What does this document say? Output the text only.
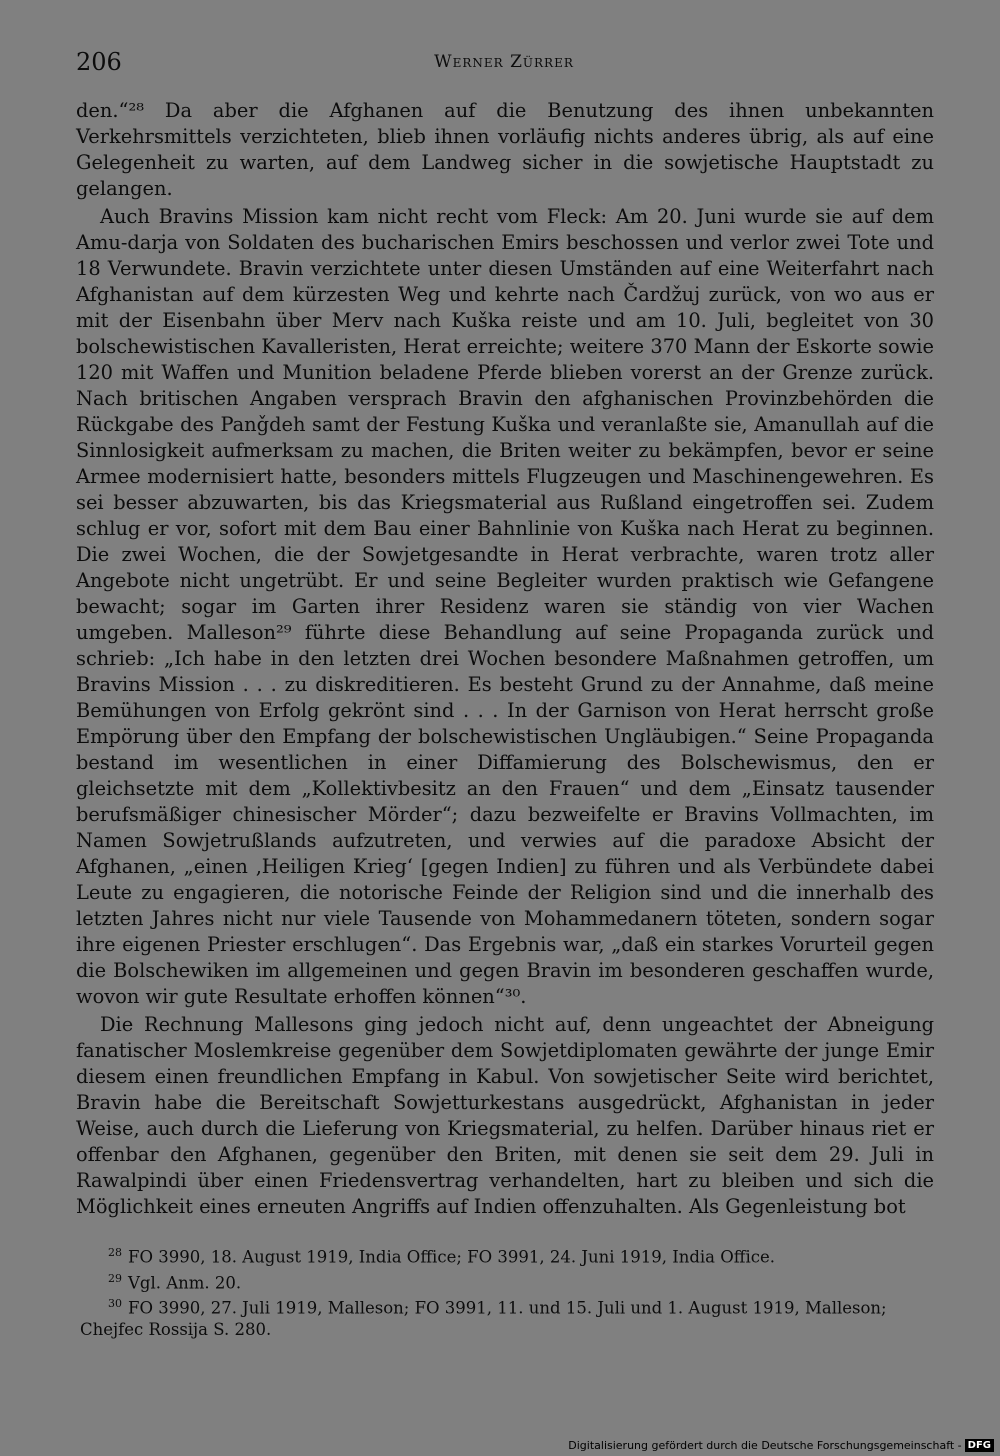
206	Werner Zürrer

den.“²⁸ Da aber die Afghanen auf die Benutzung des ihnen unbekannten Verkehrsmittels verzichteten, blieb ihnen vorläufig nichts anderes übrig, als auf eine Gelegenheit zu warten, auf dem Landweg sicher in die sowjetische Hauptstadt zu gelangen.

Auch Bravins Mission kam nicht recht vom Fleck: Am 20. Juni wurde sie auf dem Amu-darja von Soldaten des bucharischen Emirs beschossen und verlor zwei Tote und 18 Verwundete. Bravin verzichtete unter diesen Umständen auf eine Weiterfahrt nach Afghanistan auf dem kürzesten Weg und kehrte nach Čardžuj zurück, von wo aus er mit der Eisenbahn über Merv nach Kuška reiste und am 10. Juli, begleitet von 30 bolschewistischen Kavalleristen, Herat erreichte; weitere 370 Mann der Eskorte sowie 120 mit Waffen und Munition beladene Pferde blieben vorerst an der Grenze zurück. Nach britischen Angaben versprach Bravin den afghanischen Provinzbehörden die Rückgabe des Panǧdeh samt der Festung Kuška und veranlaßte sie, Amanullah auf die Sinnlosigkeit aufmerksam zu machen, die Briten weiter zu bekämpfen, bevor er seine Armee modernisiert hatte, besonders mittels Flugzeugen und Maschinengewehren. Es sei besser abzuwarten, bis das Kriegsmaterial aus Rußland eingetroffen sei. Zudem schlug er vor, sofort mit dem Bau einer Bahnlinie von Kuška nach Herat zu beginnen. Die zwei Wochen, die der Sowjetgesandte in Herat verbrachte, waren trotz aller Angebote nicht ungetrübt. Er und seine Begleiter wurden praktisch wie Gefangene bewacht; sogar im Garten ihrer Residenz waren sie ständig von vier Wachen umgeben. Malleson²⁹ führte diese Behandlung auf seine Propaganda zurück und schrieb: „Ich habe in den letzten drei Wochen besondere Maßnahmen getroffen, um Bravins Mission . . . zu diskreditieren. Es besteht Grund zu der Annahme, daß meine Bemühungen von Erfolg gekrönt sind . . . In der Garnison von Herat herrscht große Empörung über den Empfang der bolschewistischen Ungläubigen.“ Seine Propaganda bestand im wesentlichen in einer Diffamierung des Bolschewismus, den er gleichsetzte mit dem „Kollektivbesitz an den Frauen“ und dem „Einsatz tausender berufsmäßiger chinesischer Mörder“; dazu bezweifelte er Bravins Vollmachten, im Namen Sowjetrußlands aufzutreten, und verwies auf die paradoxe Absicht der Afghanen, „einen ‚Heiligen Krieg‘ [gegen Indien] zu führen und als Verbündete dabei Leute zu engagieren, die notorische Feinde der Religion sind und die innerhalb des letzten Jahres nicht nur viele Tausende von Mohammedanern töteten, sondern sogar ihre eigenen Priester erschlugen“. Das Ergebnis war, „daß ein starkes Vorurteil gegen die Bolschewiken im allgemeinen und gegen Bravin im besonderen geschaffen wurde, wovon wir gute Resultate erhoffen können“³⁰.

Die Rechnung Mallesons ging jedoch nicht auf, denn ungeachtet der Abneigung fanatischer Moslemkreise gegenüber dem Sowjetdiplomaten gewährte der junge Emir diesem einen freundlichen Empfang in Kabul. Von sowjetischer Seite wird berichtet, Bravin habe die Bereitschaft Sowjetturkestans ausgedrückt, Afghanistan in jeder Weise, auch durch die Lieferung von Kriegsmaterial, zu helfen. Darüber hinaus riet er offenbar den Afghanen, gegenüber den Briten, mit denen sie seit dem 29. Juli in Rawalpindi über einen Friedensvertrag verhandelten, hart zu bleiben und sich die Möglichkeit eines erneuten Angriffs auf Indien offenzuhalten. Als Gegenleistung bot

$^{28}$ FO 3990, 18. August 1919, India Office; FO 3991, 24. Juni 1919, India Office.

$^{29}$ Vgl. Anm. 20.

$^{30}$ FO 3990, 27. Juli 1919, Malleson; FO 3991, 11. und 15. Juli und 1. August 1919, Malleson; Chejfec Rossija S. 280.

Digitalisierung gefördert durch die Deutsche Forschungsgemeinschaft - DFG
